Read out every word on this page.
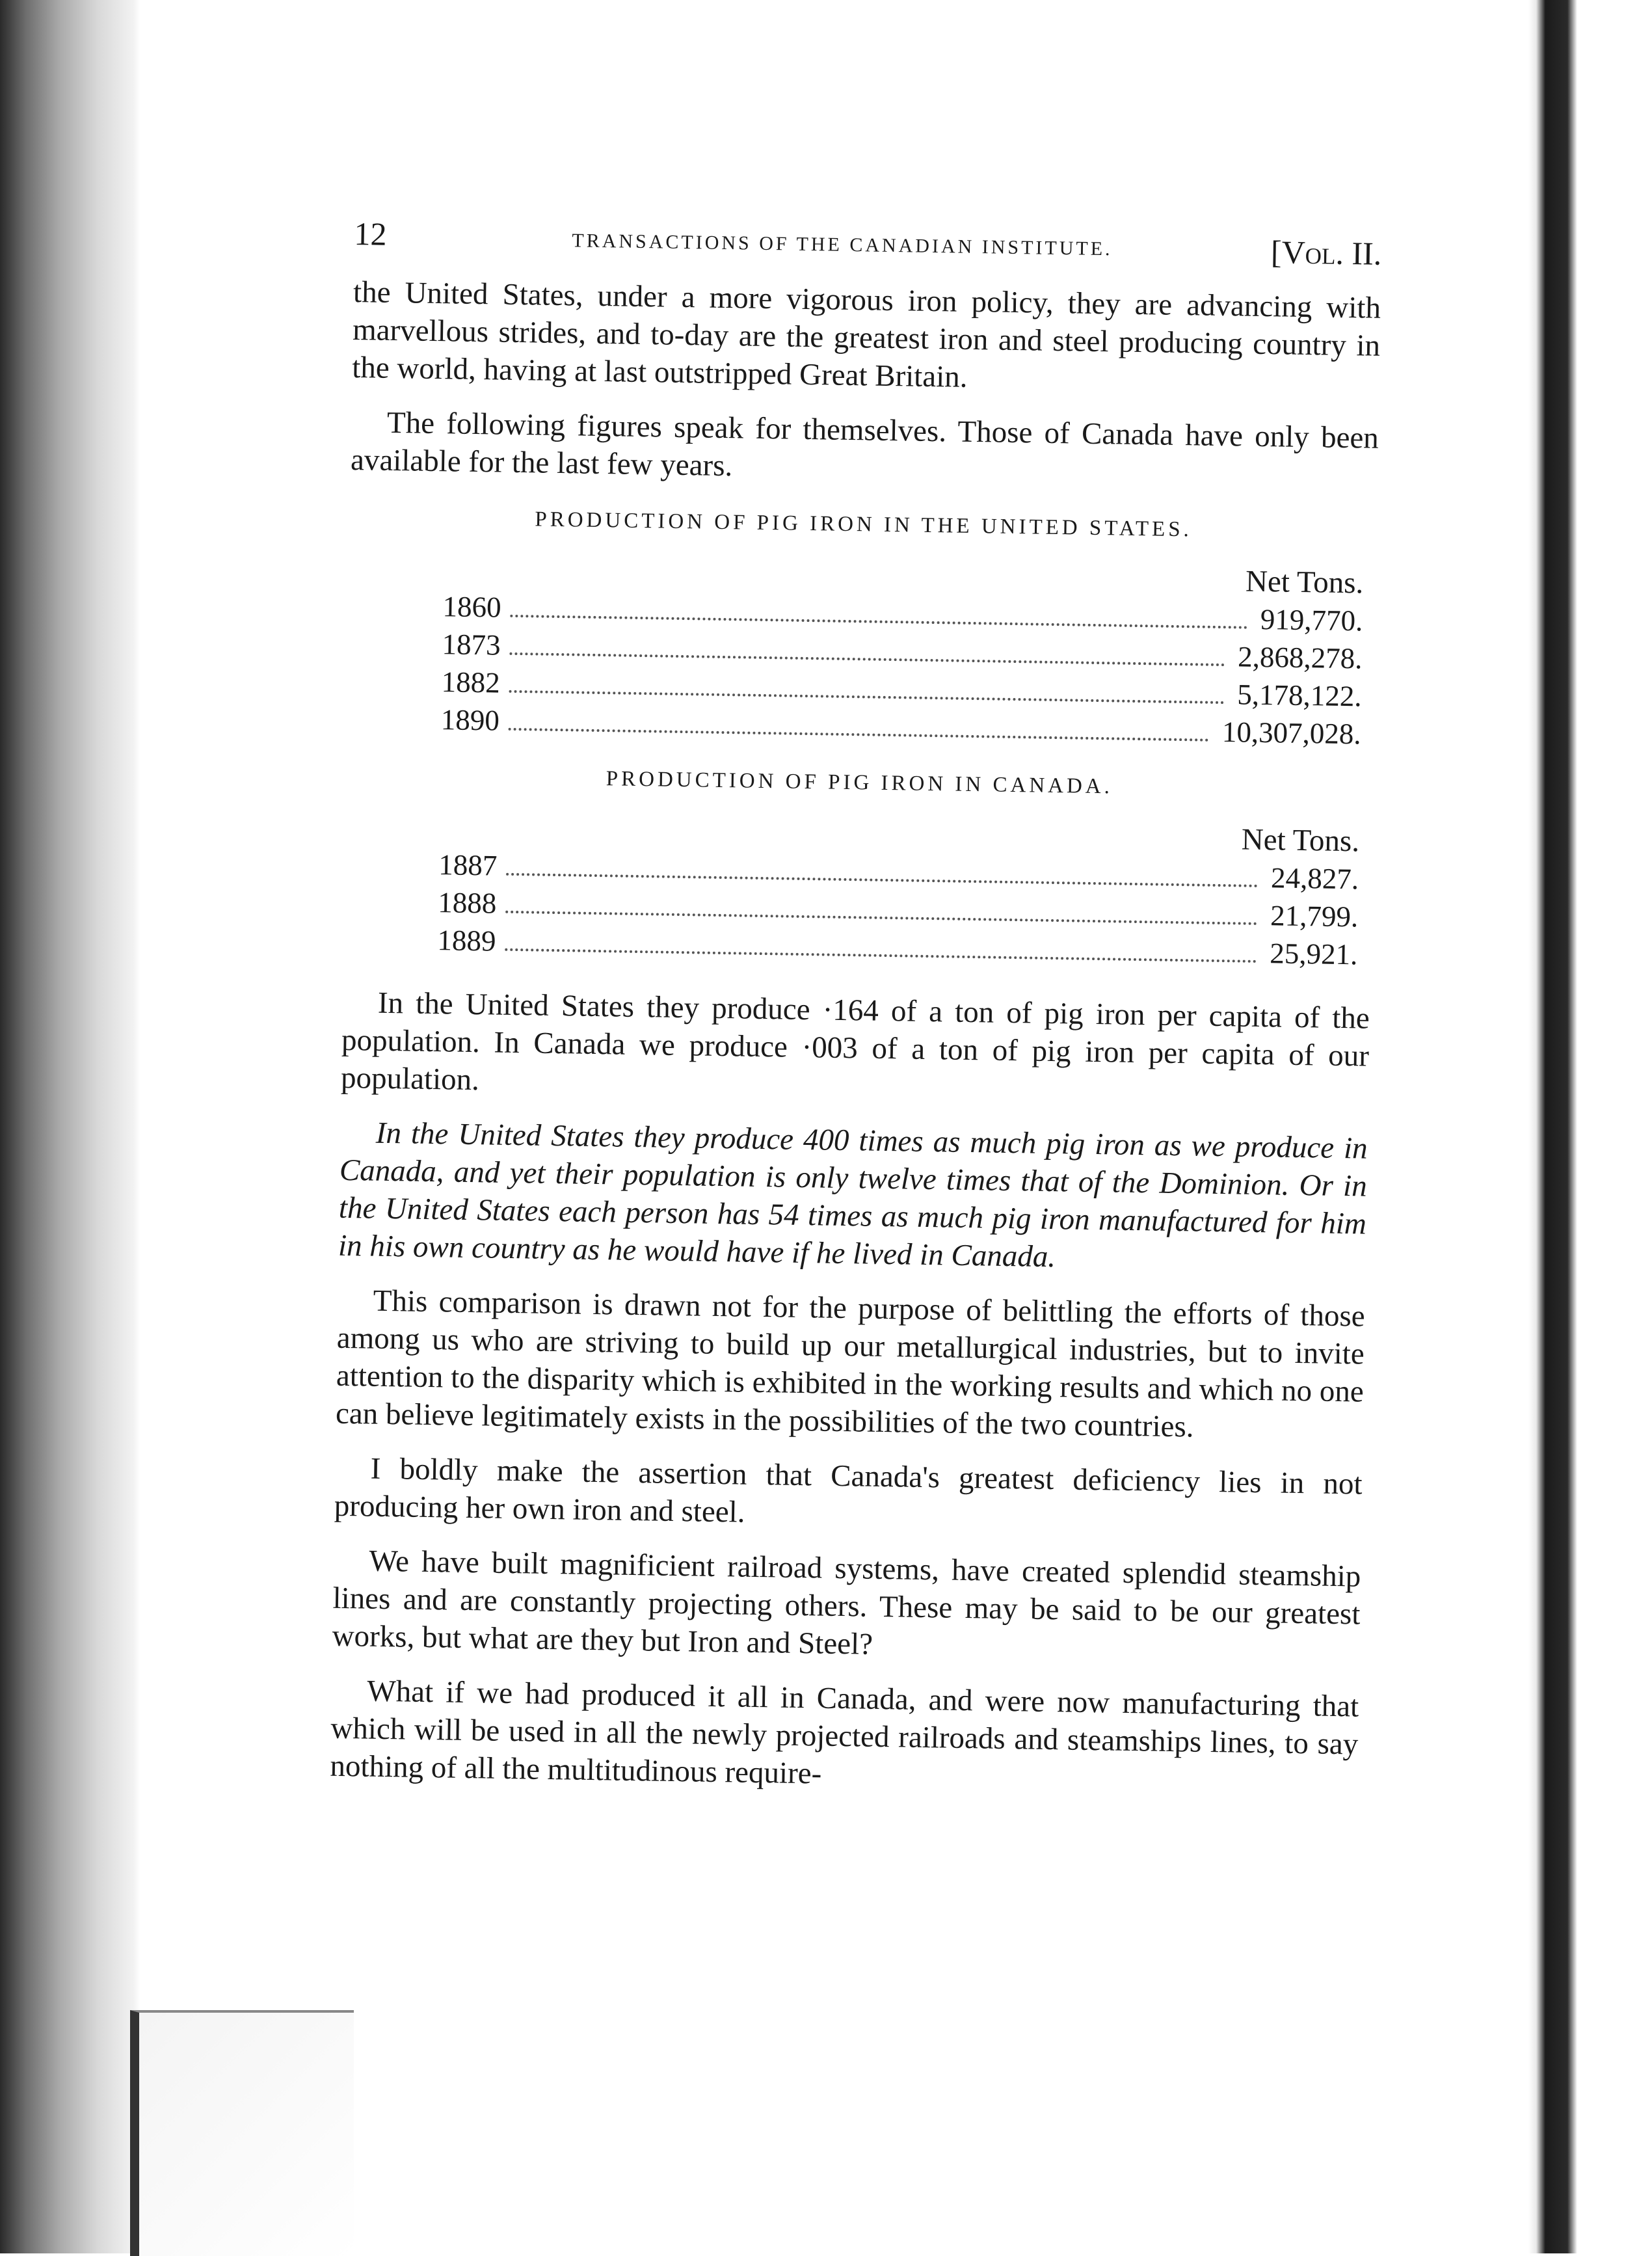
12	TRANSACTIONS OF THE CANADIAN INSTITUTE.	[Vol. II.

the United States, under a more vigorous iron policy, they are advancing with marvellous strides, and to-day are the greatest iron and steel producing country in the world, having at last outstripped Great Britain.

The following figures speak for themselves. Those of Canada have only been available for the last few years.

PRODUCTION OF PIG IRON IN THE UNITED STATES.
Net Tons.
1860	919,770.
1873	2,868,278.
1882	5,178,122.
1890	10,307,028.
PRODUCTION OF PIG IRON IN CANADA.
Net Tons.
1887	24,827.
1888	21,799.
1889	25,921.

In the United States they produce ·164 of a ton of pig iron per capita of the population. In Canada we produce ·003 of a ton of pig iron per capita of our population.

In the United States they produce 400 times as much pig iron as we produce in Canada, and yet their population is only twelve times that of the Dominion. Or in the United States each person has 54 times as much pig iron manufactured for him in his own country as he would have if he lived in Canada.

This comparison is drawn not for the purpose of belittling the efforts of those among us who are striving to build up our metallurgical industries, but to invite attention to the disparity which is exhibited in the working results and which no one can believe legitimately exists in the possibilities of the two countries.

I boldly make the assertion that Canada's greatest deficiency lies in not producing her own iron and steel.

We have built magnificient railroad systems, have created splendid steamship lines and are constantly projecting others. These may be said to be our greatest works, but what are they but Iron and Steel?

What if we had produced it all in Canada, and were now manufacturing that which will be used in all the newly projected railroads and steamships lines, to say nothing of all the multitudinous require-
